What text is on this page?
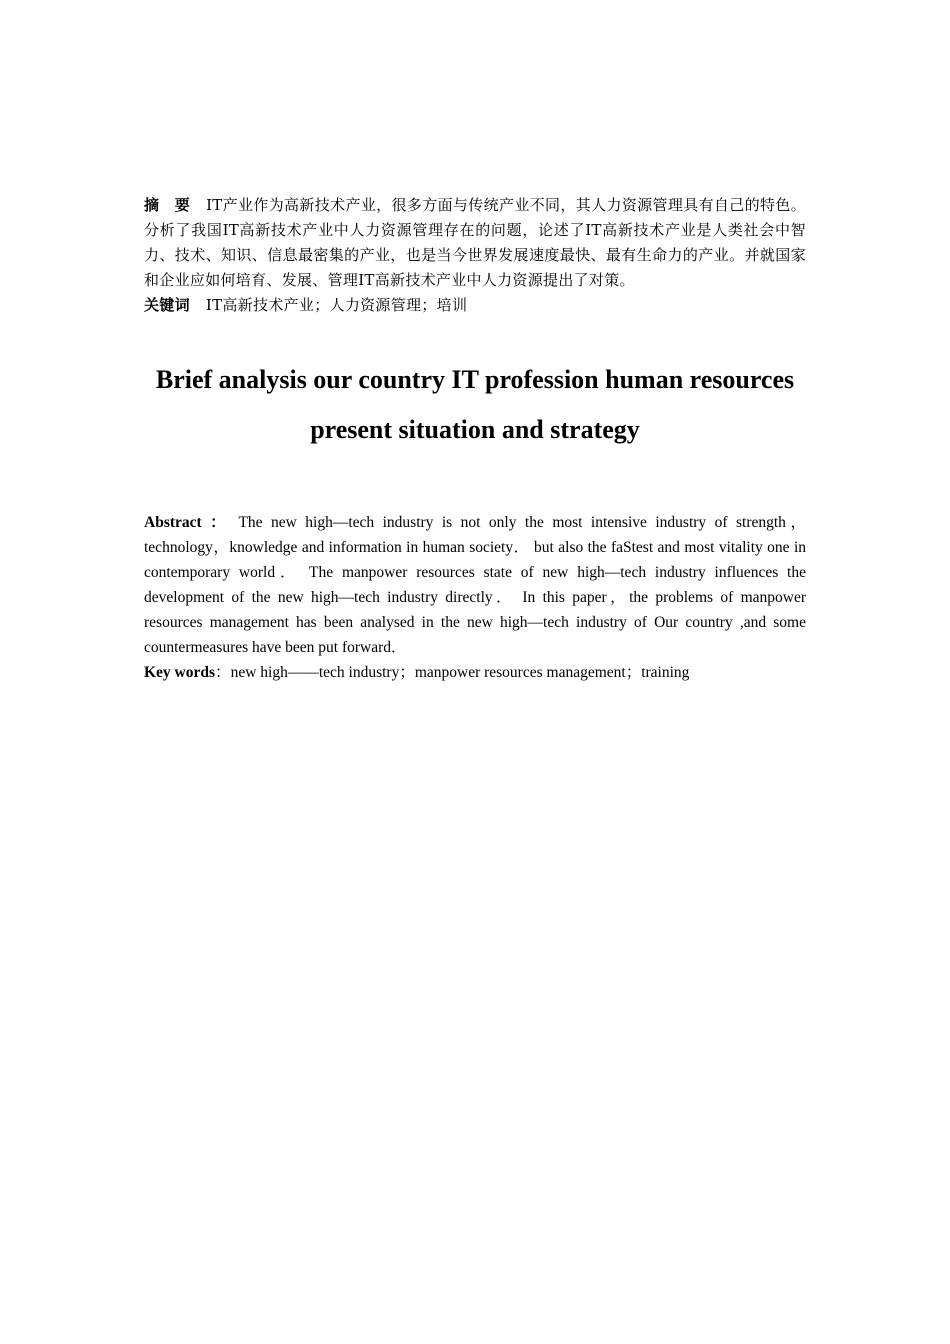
摘　要 IT产业作为高新技术产业，很多方面与传统产业不同，其人力资源管理具有自己的特色。分析了我国IT高新技术产业中人力资源管理存在的问题，论述了IT高新技术产业是人类社会中智力、技术、知识、信息最密集的产业，也是当今世界发展速度最快、最有生命力的产业。并就国家和企业应如何培育、发展、管理IT高新技术产业中人力资源提出了对策。

关键词 IT高新技术产业；人力资源管理；培训

Brief analysis our country IT profession human resources present situation and strategy

Abstract ： The new high—tech industry is not only the most intensive industry of strength，technology，knowledge and information in human society． but also the faStest and most vitality one in contemporary world． The manpower resources state of new high—tech industry influences the development of the new high—tech industry directly． In this paper，the problems of manpower resources management has been analysed in the new high—tech industry of Our country ,and some countermeasures have been put forward．

Key words：new high——tech industry；manpower resources management；training
